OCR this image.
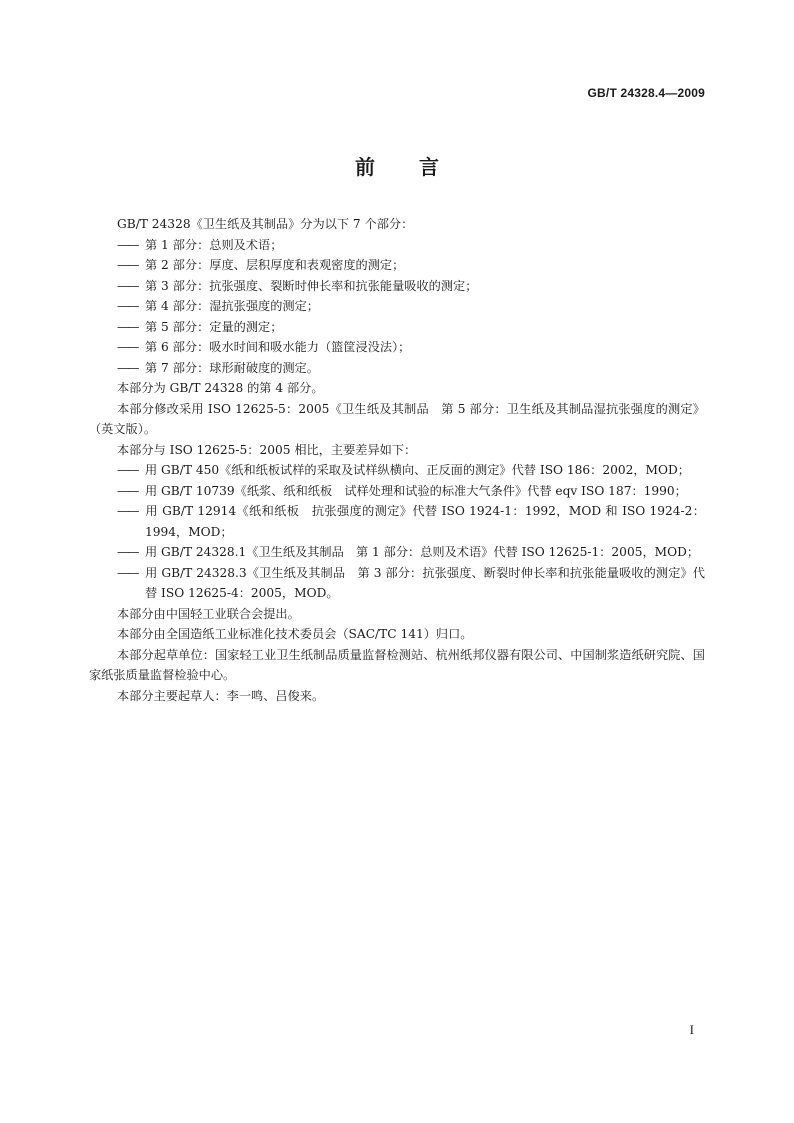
GB/T 24328.4—2009
前 言

GB/T 24328《卫生纸及其制品》分为以下 7 个部分：

—— 第 1 部分：总则及术语；

—— 第 2 部分：厚度、层积厚度和表观密度的测定；

—— 第 3 部分：抗张强度、裂断时伸长率和抗张能量吸收的测定；

—— 第 4 部分：湿抗张强度的测定；

—— 第 5 部分：定量的测定；

—— 第 6 部分：吸水时间和吸水能力（篮筐浸没法）；

—— 第 7 部分：球形耐破度的测定。

本部分为 GB/T 24328 的第 4 部分。

本部分修改采用 ISO 12625-5：2005《卫生纸及其制品　第 5 部分：卫生纸及其制品湿抗张强度的测定》（英文版）。

本部分与 ISO 12625-5：2005 相比，主要差异如下：

—— 用 GB/T 450《纸和纸板试样的采取及试样纵横向、正反面的测定》代替 ISO 186：2002，MOD；

—— 用 GB/T 10739《纸浆、纸和纸板　试样处理和试验的标准大气条件》代替 eqv ISO 187：1990；

—— 用 GB/T 12914《纸和纸板　抗张强度的测定》代替 ISO 1924-1：1992，MOD 和 ISO 1924-2：1994，MOD；

—— 用 GB/T 24328.1《卫生纸及其制品　第 1 部分：总则及术语》代替 ISO 12625-1：2005，MOD；

—— 用 GB/T 24328.3《卫生纸及其制品　第 3 部分：抗张强度、断裂时伸长率和抗张能量吸收的测定》代替 ISO 12625-4：2005，MOD。

本部分由中国轻工业联合会提出。

本部分由全国造纸工业标准化技术委员会（SAC/TC 141）归口。

本部分起草单位：国家轻工业卫生纸制品质量监督检测站、杭州纸邦仪器有限公司、中国制浆造纸研究院、国家纸张质量监督检验中心。

本部分主要起草人：李一鸣、吕俊来。

I
